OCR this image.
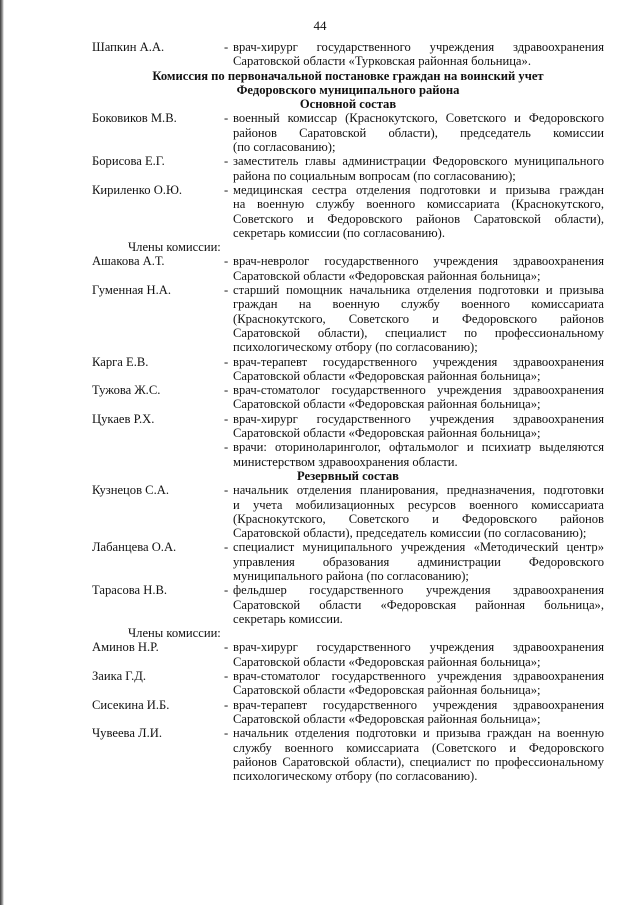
44
Шапкин А.А.	- врач-хирург государственного учреждения здравоохранения
Саратовской области «Турковская районная больница».
Комиссия по первоначальной постановке граждан на воинский учет
Федоровского муниципального района
Основной состав
Боковиков М.В.	- военный комиссар (Краснокутского, Советского и Федоровского
районов Саратовской области), председатель комиссии
(по согласованию);
Борисова Е.Г.	- заместитель главы администрации Федоровского муниципального
района по социальным вопросам (по согласованию);
Кириленко О.Ю.	- медицинская сестра отделения подготовки и призыва граждан
на военную службу военного комиссариата (Краснокутского,
Советского и Федоровского районов Саратовской области),
секретарь комиссии (по согласованию).
Члены комиссии:
Ашакова А.Т.	- врач-невролог государственного учреждения здравоохранения
Саратовской области «Федоровская районная больница»;
Гуменная Н.А.	- старший помощник начальника отделения подготовки и призыва
граждан на военную службу военного комиссариата
(Краснокутского, Советского и Федоровского районов
Саратовской области), специалист по профессиональному
психологическому отбору (по согласованию);
Карга Е.В.	- врач-терапевт государственного учреждения здравоохранения
Саратовской области «Федоровская районная больница»;
Тужова Ж.С.	- врач-стоматолог государственного учреждения здравоохранения
Саратовской области «Федоровская районная больница»;
Цукаев Р.Х.	- врач-хирург государственного учреждения здравоохранения
Саратовской области «Федоровская районная больница»;
- врачи: оториноларинголог, офтальмолог и психиатр выделяются
министерством здравоохранения области.
Резервный состав
Кузнецов С.А.	- начальник отделения планирования, предназначения, подготовки
и учета мобилизационных ресурсов военного комиссариата
(Краснокутского, Советского и Федоровского районов
Саратовской области), председатель комиссии (по согласованию);
Лабанцева О.А.	- специалист муниципального учреждения «Методический центр»
управления образования администрации Федоровского
муниципального района (по согласованию);
Тарасова Н.В.	- фельдшер государственного учреждения здравоохранения
Саратовской области «Федоровская районная больница»,
секретарь комиссии.
Члены комиссии:
Аминов Н.Р.	- врач-хирург государственного учреждения здравоохранения
Саратовской области «Федоровская районная больница»;
Заика Г.Д.	- врач-стоматолог государственного учреждения здравоохранения
Саратовской области «Федоровская районная больница»;
Сисекина И.Б.	- врач-терапевт государственного учреждения здравоохранения
Саратовской области «Федоровская районная больница»;
Чувеева Л.И.	- начальник отделения подготовки и призыва граждан на военную
службу военного комиссариата (Советского и Федоровского
районов Саратовской области), специалист по профессиональному
психологическому отбору (по согласованию).
